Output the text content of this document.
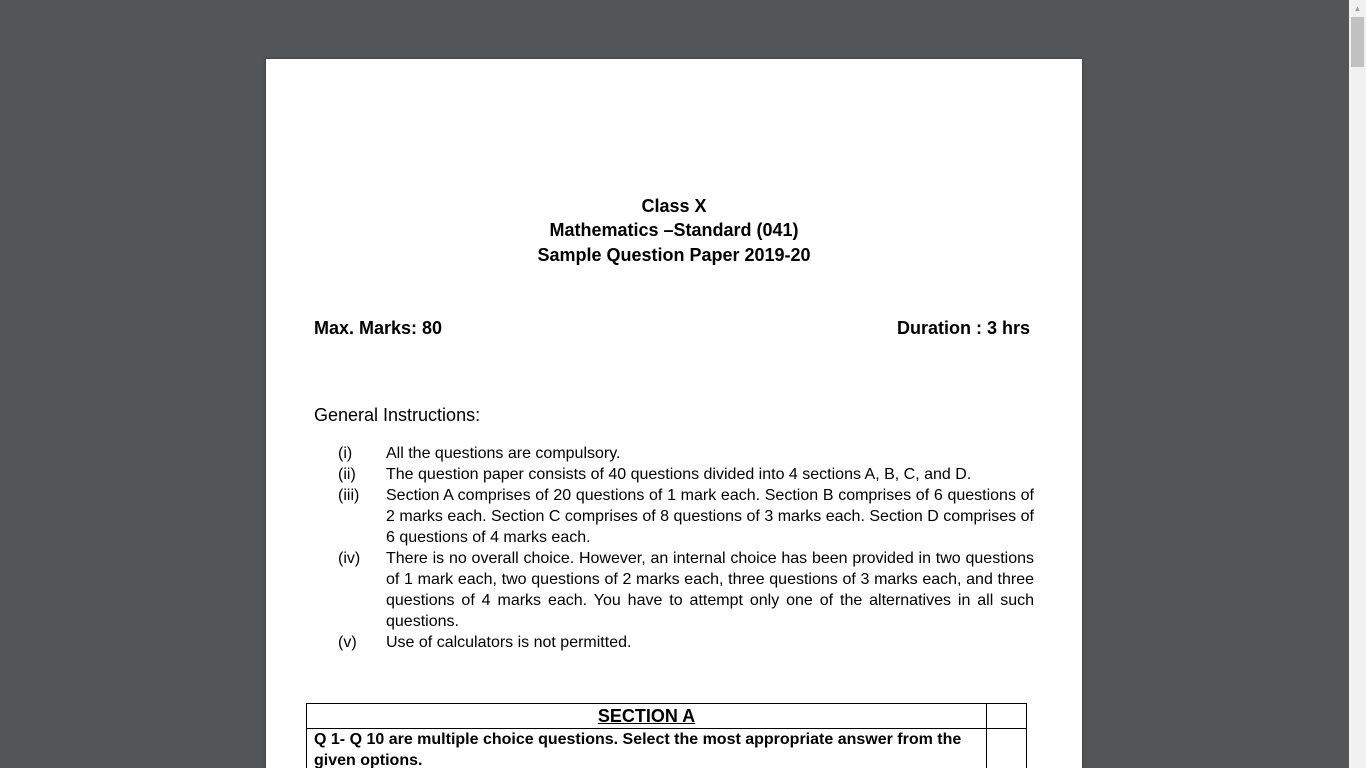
Class X
Mathematics –Standard (041)
Sample Question Paper 2019-20
Max. Marks: 80	Duration : 3 hrs
General Instructions:
(i)	All the questions are compulsory.
(ii)	The question paper consists of 40 questions divided into 4 sections A, B, C, and D.
(iii)	Section A comprises of 20 questions of 1 mark each. Section B comprises of 6 questions of 2 marks each. Section C comprises of 8 questions of 3 marks each. Section D comprises of 6 questions of 4 marks each.
(iv)	There is no overall choice. However, an internal choice has been provided in two questions of 1 mark each, two questions of 2 marks each, three questions of 3 marks each, and three questions of 4 marks each. You have to attempt only one of the alternatives in all such questions.
(v)	Use of calculators is not permitted.
SECTION A	
Q 1- Q 10 are multiple choice questions. Select the most appropriate answer from the given options.	
▲
